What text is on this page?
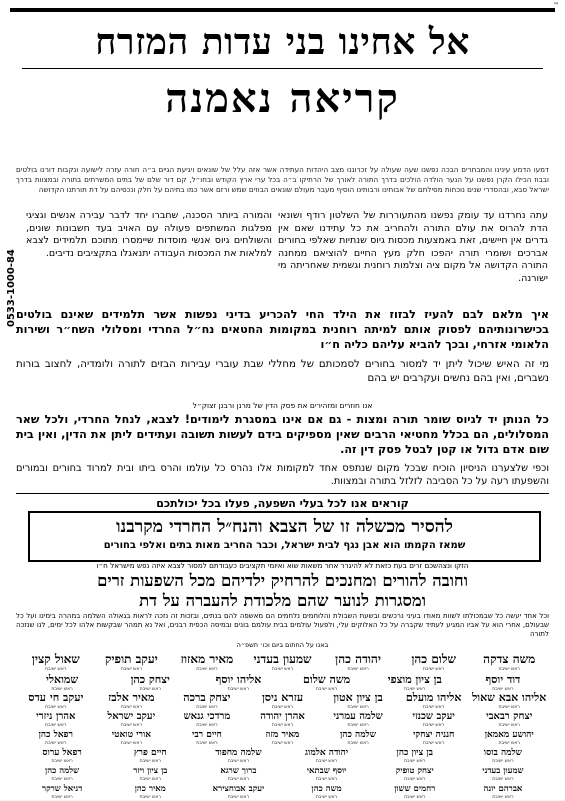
™
אל אחינו בני עדות המזרח
קריאה נאמנה
דמעו הדמע עינינו והמבחרים הבכה נפשנו שעה שעולה על זכרוננו מצב היהדות העתידה אשר אזה עלל של שונאים ויגיעת הגיים ב״ה חורה עזרה לישועה ונקבות דורנו בולטים ובבוז הכילו הקרן נפשנו על הנער הולדה הולכים בדרך התורה לאורך של הרתיקו ב״ה בכל ערי ארץ הקודש ובחו״ל, קם דור שלם של בתים המשרתים בתורה ובמצוות בדרך ישראל סבא, ובהסדרי שנים נוכחות מסילתם של אבותינו ורבותינו הוסיף מעבר מעולם שונאים הבוזים שמש ורזם אשר כמו בתיהם על חלק ונכסיהם על דת תורתנו הקדושה
0533-1000-84
עתה נחרדנו עד עומק נפשנו מהתעוררות של השלטון רודף ושונאי הדת להרוס את עולם התורה ולהחריב את כל עתידנו שאם אין גדרים אין חיישים, זאת באמצעות מכסות גיוס שנתיות שאלפי בחורים אברכים ושומרי תורה יהפכו חלק מעץ החיים להוציאם ממחנה התורה הקדושה אל מקום ציה וצלמות רוחנית וגשמית שאחריתה מי ישורנה.
והמורה ביותר הסכנה, שחברו יחד לדבר עבירה אנשים וגציגי מפלגות המשתפים פעולה עם האויב בעד חשבונות שונים, והשולחים גיוס אנשי מוסדות שיימסרו מתוכם תלמידים לצבא למלאות את המכסות העבודה יתנאגלו בתקציבים נדיבים.
איך מלאם לבם להעיז לבזוז את הילד החי להכריע בדיני נפשות אשר תלמידים שאינם בולטים בכישרונותיהם לפסוק אותם למיתה רוחנית במקומות החטאים נח״ל החרדי ומסלולי השח״ר ושירות הלאומי אזרחי, ובכך להביא עליהם כליה ח״ו
מי זה האיש שיכול ליתן יד למסור בחורים לסמכותם של מחללי שבת עוברי עבירות הבזים לתורה ולומדיה, לחצוב בורות נשברים, ואין בהם נחשים ועקרבים יש בהם
אנו חוזרים ומזהירים את פסק הדין של מרנן ורבנן זצוק״ל
כל הנותן יד לגיוס שומר תורה ומצות - גם אם אינו במסגרת לימודים! לצבא, לנחל החרדי, ולכל שאר המסלולים, הם בכלל מחטיאי הרבים שאין מספיקים בידם לעשות תשובה ועתידים ליתן את הדין, ואין בית שום אדם גדול או קטן לבטל פסק דין זה.
וכפי שלצערנו הניסיון הוכיח שבכל מקום שנתפס אחד למקומות אלו נהרס כל עולמו והרס ביתו ובית למרוד בחורים ובמורים והשפעתו רעה על כל הסביבה לזלזל בתורה ובמצוות.
קוראים אנו לכל בעלי השפעה, פעלו בכל יכולתכם
להסיר מכשלה זו של הצבא והנח״ל החרדי מקרבנו
שמאז הקמתו הוא אבן נגף לבית ישראל, וכבר החריב מאות בתים ואלפי בחורים
הזקו ונצהשכם זרים בעת כזאת לא להיגרר אחר משאות שוא ואיומי תקציבים כעבודתם למסור לצבא איזה נפש מישראל ח״ו
וחובה להורים ומחנכים להרחיק ילדיהם מכל השפעות זרים
ומסגרות לנוער שהם מלכודת להעברה על דת
וכל אחד יעשה כל שבמכולתו לשוות מאודו בעיני נרכשים ובשעת השבולת והלוחמים נלחמים הם מאשפה להם בנתים, ובזכות זה נזכה לראות בגאולה השלמה במהרה בימינו ועל כל שבעולם, אחרי הוא על אביו המגיע לעתיד שקברה על כל האלוקים עלי, ולפעול עולמים בבית עולמם בונים ובמיסה הכפית רבנים, ואל נא תמהר שבקשות אלהו לכל ימים, לנו שנזכה לתורה
באנו על החתום ביום וכו׳ תשפ״ה
משה צדקה
ראש ישיבת
שלום כהן
ראש ישיבת
יהודה כהן
ראש ישיבת
שמעון בעדני
ראש ישיבת
מאיר מאזוז
ראש ישיבת
יעקב תופיק
ראש ישיבת
שאול קצין
ראש ישיבת
דוד יוסף
ראש ישיבת
בן ציון מוצפי
ראש ישיבת
משה שלום
ראש ישיבת
אליהו יוסף
ראש ישיבת
יצחק כהן
ראש ישיבת
שמואלי
ראש ישיבת
אליהו אבא שאול
ראש ישיבת
אליהו מועלם
ראש ישיבת
בן ציון אטון
ראש ישיבת
עזרא ניסן
ראש ישיבת
יצחק ברכה
ראש ישיבת
מאיר אלבז
ראש ישיבת
יעקב חי עדס
ראש ישיבת
יצחק רבאבי
ראש ישיבת
יעקב שכנזי
ראש ישיבת
שלמה עמרני
ראש ישיבת
אהרן יהודה
ראש ישיבת
מרדכי גנאש
ראש ישיבת
יעקב ישראל
ראש ישיבת
אהרן ניזרי
ראש ישיבת
יהושע מאמאן
ראש ישיבת
חנניה יצחקי
ראש ישיבת
שלמה כהן
ראש ישיבת
מאיר מזוז
ראש ישיבת
חיים רבי
ראש ישיבת
אורי טואטי
ראש ישיבת
רפאל כהן
ראש ישיבת
שלמה בוסו
ראש ישיבת
בן ציון כהן
ראש ישיבת
יהודה אלמוג
ראש ישיבת
שלמה מחפוד
ראש ישיבת
חיים פרץ
ראש ישיבת
רפאל ערוס
ראש ישיבת
שמעון בעדני
ראש ישיבת
יצחק טופיק
ראש ישיבת
יוסף שבתאי
ראש ישיבת
ברוך שרגא
ראש ישיבת
בן ציון ויזר
ראש ישיבת
שלמה כהן
ראש ישיבת
אברהם יונה
ראש ישיבת
רחמים ששון
ראש ישיבת
משה כהן
ראש ישיבת
יעקב אבוחצירא
ראש ישיבת
מאיר כהן
ראש ישיבת
דניאל שרקר
ראש ישיבת
